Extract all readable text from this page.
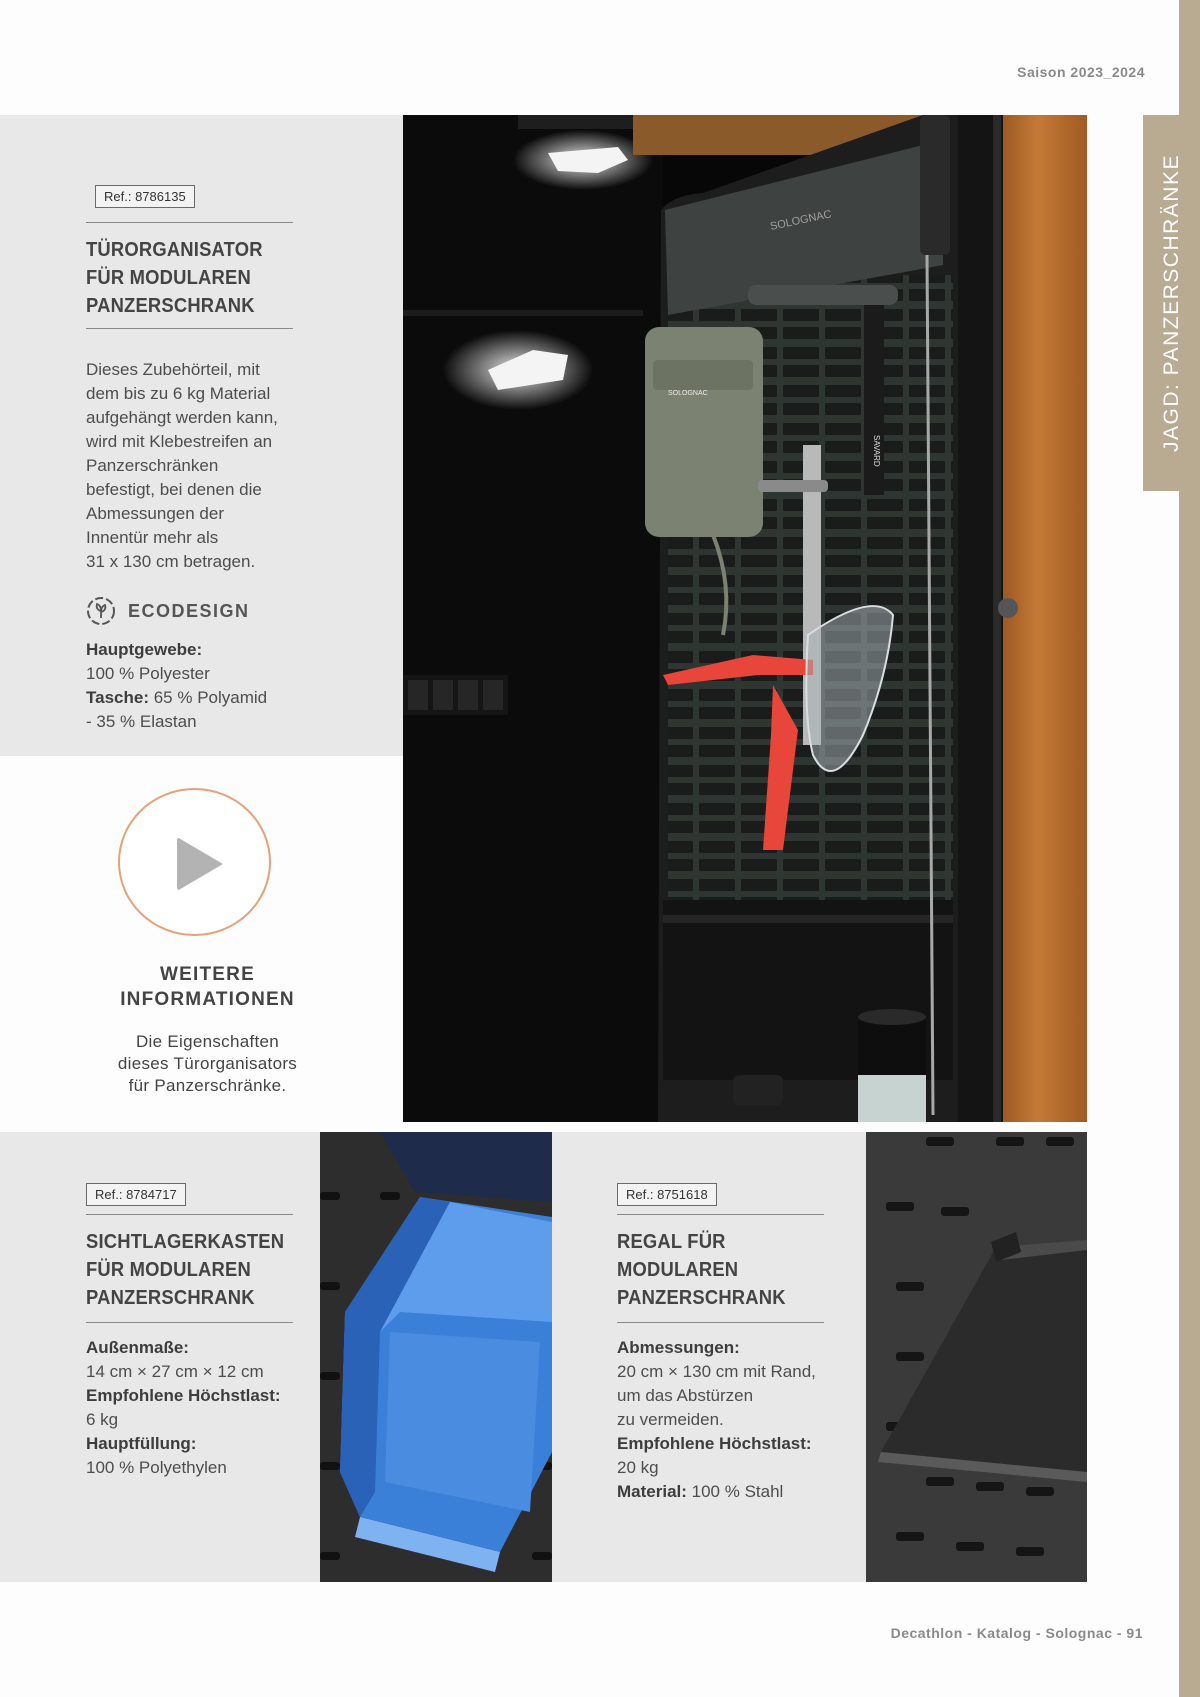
Saison 2023_2024
JAGD: PANZERSCHRÄNKE
Ref.: 8786135
TÜRORGANISATOR
FÜR MODULAREN
PANZERSCHRANK
Dieses Zubehörteil, mit
dem bis zu 6 kg Material
aufgehängt werden kann,
wird mit Klebestreifen an
Panzerschränken
befestigt, bei denen die
Abmessungen der
Innentür mehr als
31 x 130 cm betragen.
ECODESIGN
Hauptgewebe:
100 % Polyester
Tasche: 65 % Polyamid
- 35 % Elastan
WEITERE
INFORMATIONEN
Die Eigenschaften
dieses Türorganisators
für Panzerschränke.
SOLOGNAC
SOLOGNAC
SAVARD
Ref.: 8784717
SICHTLAGERKASTEN
FÜR MODULAREN
PANZERSCHRANK
Außenmaße:
14 cm × 27 cm × 12 cm
Empfohlene Höchstlast:
6 kg
Hauptfüllung:
100 % Polyethylen
Ref.: 8751618
REGAL FÜR
MODULAREN
PANZERSCHRANK
Abmessungen:
20 cm × 130 cm mit Rand,
um das Abstürzen
zu vermeiden.
Empfohlene Höchstlast:
20 kg
Material: 100 % Stahl
Decathlon - Katalog - Solognac - 91
